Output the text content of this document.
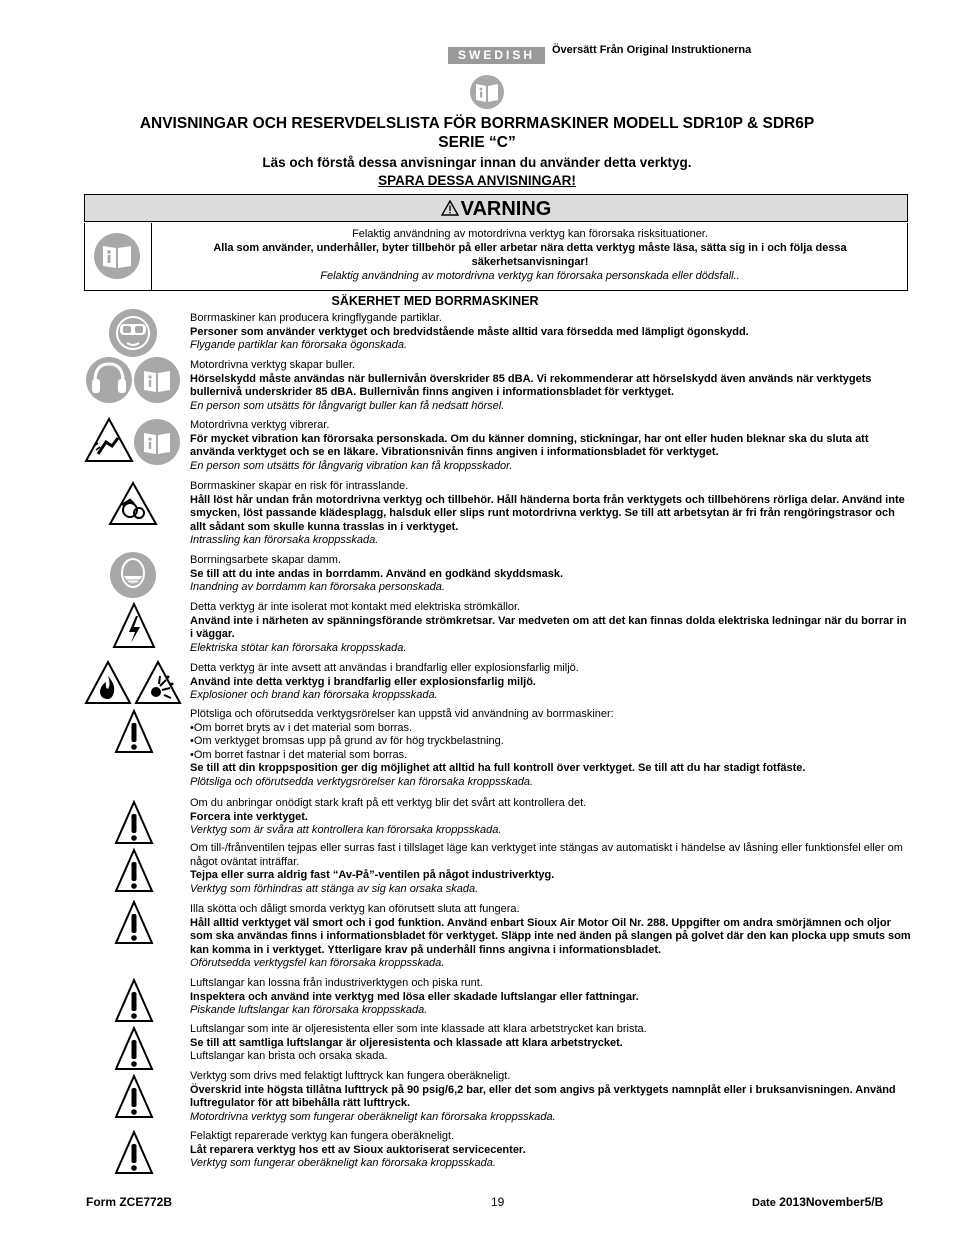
SWEDISH	Översätt Från Original Instruktionerna
ANVISNINGAR OCH RESERVDELSLISTA FÖR BORRMASKINER MODELL SDR10P & SDR6P
SERIE “C”
Läs och förstå dessa anvisningar innan du använder detta verktyg.
SPARA DESSA ANVISNINGAR!
VARNING
Felaktig användning av motordrivna verktyg kan förorsaka risksituationer.
Alla som använder, underhåller, byter tillbehör på eller arbetar nära detta verktyg måste läsa, sätta sig in i och följa dessa säkerhetsanvisningar!
Felaktig användning av motordrivna verktyg kan förorsaka personskada eller dödsfall..
SÄKERHET MED BORRMASKINER

Borrmaskiner kan producera kringflygande partiklar.

Personer som använder verktyget och bredvidstående måste alltid vara försedda med lämpligt ögonskydd.

Flygande partiklar kan förorsaka ögonskada.

Motordrivna verktyg skapar buller.

Hörselskydd måste användas när bullernivån överskrider 85 dBA. Vi rekommenderar att hörselskydd även används när verktygets bullernivå underskrider 85 dBA. Bullernivån finns angiven i informationsbladet för verktyget.

En person som utsätts för långvarigt buller kan få nedsatt hörsel.

Motordrivna verktyg vibrerar.

För mycket vibration kan förorsaka personskada. Om du känner domning, stickningar, har ont eller huden bleknar ska du sluta att använda verktyget och se en läkare. Vibrationsnivån finns angiven i informationsbladet för verktyget.

En person som utsätts för långvarig vibration kan få kroppsskador.

Borrmaskiner skapar en risk för intrasslande.

Håll löst hår undan från motordrivna verktyg och tillbehör. Håll händerna borta från verktygets och tillbehörens rörliga delar. Använd inte smycken, löst passande klädesplagg, halsduk eller slips runt motordrivna verktyg. Se till att arbetsytan är fri från rengöringstrasor och allt sådant som skulle kunna trasslas in i verktyget.

Intrassling kan förorsaka kroppsskada.

Borrningsarbete skapar damm.

Se till att du inte andas in borrdamm. Använd en godkänd skyddsmask.

Inandning av borrdamm kan förorsaka personskada.

Detta verktyg är inte isolerat mot kontakt med elektriska strömkällor.

Använd inte i närheten av spänningsförande strömkretsar. Var medveten om att det kan finnas dolda elektriska ledningar när du borrar in i väggar.

Elektriska stötar kan förorsaka kroppsskada.

Detta verktyg är inte avsett att användas i brandfarlig eller explosionsfarlig miljö.

Använd inte detta verktyg i brandfarlig eller explosionsfarlig miljö.

Explosioner och brand kan förorsaka kroppsskada.

Plötsliga och oförutsedda verktygsrörelser kan uppstå vid användning av borrmaskiner:

•Om borret bryts av i det material som borras.

•Om verktyget bromsas upp på grund av för hög tryckbelastning.

•Om borret fastnar i det material som borras.

Se till att din kroppsposition ger dig möjlighet att alltid ha full kontroll över verktyget. Se till att du har stadigt fotfäste.

Plötsliga och oförutsedda verktygsrörelser kan förorsaka kroppsskada.

Om du anbringar onödigt stark kraft på ett verktyg blir det svårt att kontrollera det.

Forcera inte verktyget.

Verktyg som är svåra att kontrollera kan förorsaka kroppsskada.

Om till-/frånventilen tejpas eller surras fast i tillslaget läge kan verktyget inte stängas av automatiskt i händelse av låsning eller funktionsfel eller om något oväntat inträffar.

Tejpa eller surra aldrig fast “Av-På”-ventilen på något industriverktyg.

Verktyg som förhindras att stänga av sig kan orsaka skada.

Illa skötta och dåligt smorda verktyg kan oförutsett sluta att fungera.

Håll alltid verktyget väl smort och i god funktion. Använd enbart Sioux Air Motor Oil Nr. 288. Uppgifter om andra smörjämnen och oljor som ska användas finns i informationsbladet för verktyget. Släpp inte ned änden på slangen på golvet där den kan plocka upp smuts som kan komma in i verktyget. Ytterligare krav på underhåll finns angivna i informationsbladet.

Oförutsedda verktygsfel kan förorsaka kroppsskada.

Luftslangar kan lossna från industriverktygen och piska runt.

Inspektera och använd inte verktyg med lösa eller skadade luftslangar eller fattningar.

Piskande luftslangar kan förorsaka kroppsskada.

Luftslangar som inte är oljeresistenta eller som inte klassade att klara arbetstrycket kan brista.

Se till att samtliga luftslangar är oljeresistenta och klassade att klara arbetstrycket.

Luftslangar kan brista och orsaka skada.

Verktyg som drivs med felaktigt lufttryck kan fungera oberäkneligt.

Överskrid inte högsta tillåtna lufttryck på 90 psig/6,2 bar, eller det som angivs på verktygets namnplåt eller i bruksanvisningen. Använd luftregulator för att bibehålla rätt lufttryck.

Motordrivna verktyg som fungerar oberäkneligt kan förorsaka kroppsskada.

Felaktigt reparerade verktyg kan fungera oberäkneligt.

Låt reparera verktyg hos ett av Sioux auktoriserat servicecenter.

Verktyg som fungerar oberäkneligt kan förorsaka kroppsskada.

Form ZCE772B	19	Date 2013November5/B
